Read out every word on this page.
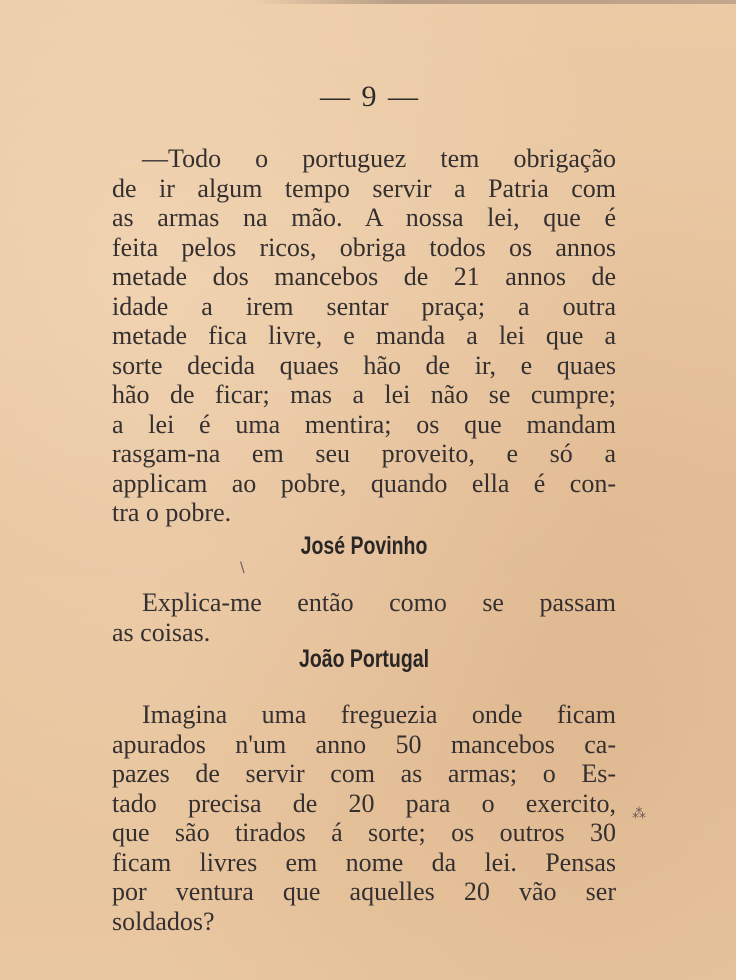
— 9 —
—Todo o portuguez tem obrigação
de ir algum tempo servir a Patria com
as armas na mão. A nossa lei, que é
feita pelos ricos, obriga todos os annos
metade dos mancebos de 21 annos de
idade a irem sentar praça; a outra
metade fica livre, e manda a lei que a
sorte decida quaes hão de ir, e quaes
hão de ficar; mas a lei não se cumpre;
a lei é uma mentira; os que mandam
rasgam-na em seu proveito, e só a
applicam ao pobre, quando ella é con-
tra o pobre.
José Povinho
Explica-me então como se passam
as coisas.
João Portugal
Imagina uma freguezia onde ficam
apurados n'um anno 50 mancebos ca-
pazes de servir com as armas; o Es-
tado precisa de 20 para o exercito,
que são tirados á sorte; os outros 30
ficam livres em nome da lei. Pensas
por ventura que aquelles 20 vão ser
soldados?
\
⁂
